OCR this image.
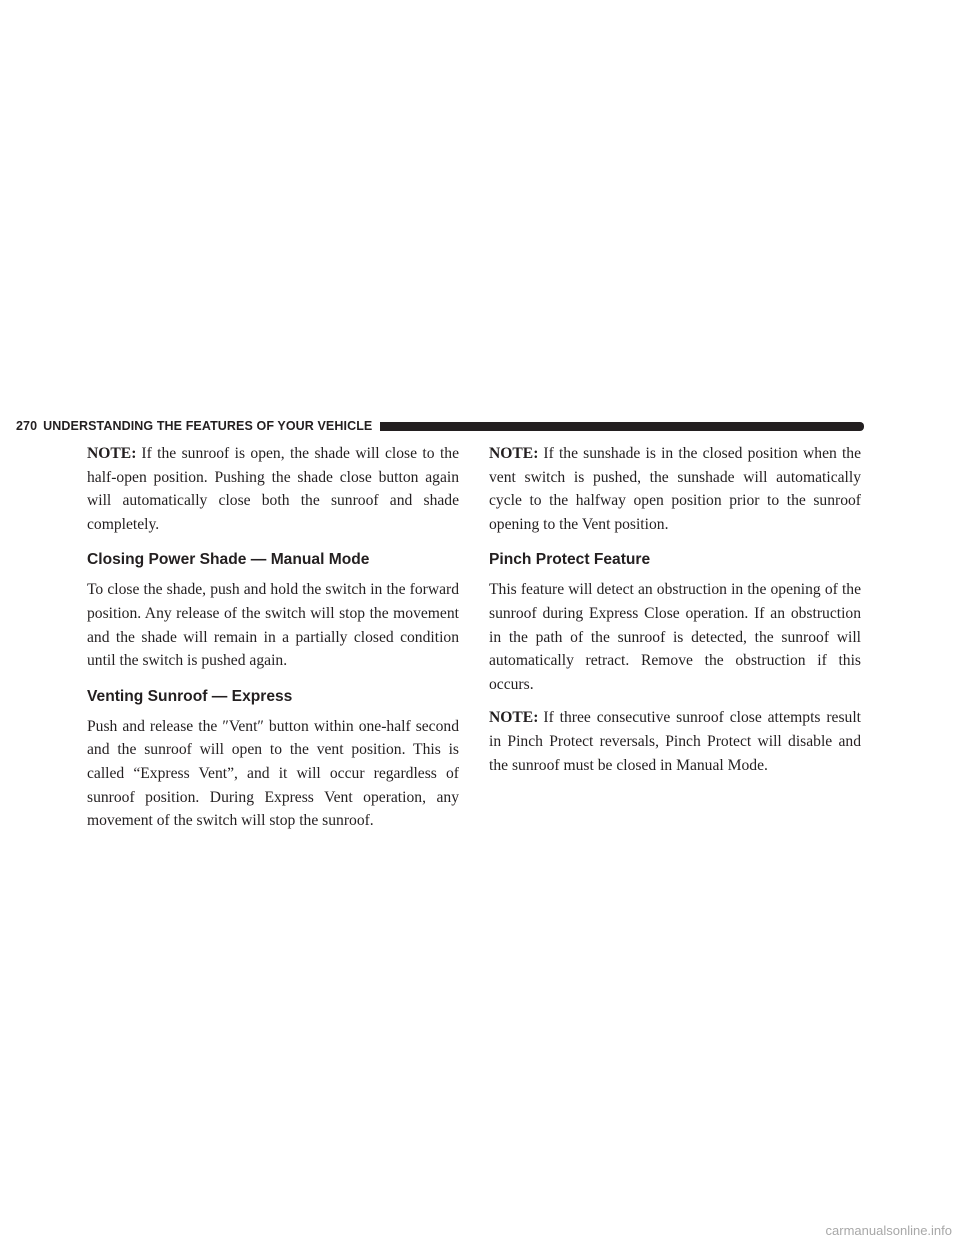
270 UNDERSTANDING THE FEATURES OF YOUR VEHICLE

NOTE: If the sunroof is open, the shade will close to the half-open position. Pushing the shade close button again will automatically close both the sunroof and shade completely.

Closing Power Shade — Manual Mode

To close the shade, push and hold the switch in the forward position. Any release of the switch will stop the movement and the shade will remain in a partially closed condition until the switch is pushed again.

Venting Sunroof — Express

Push and release the ″Vent″ button within one-half second and the sunroof will open to the vent position. This is called “Express Vent”, and it will occur regardless of sunroof position. During Express Vent operation, any movement of the switch will stop the sunroof.

NOTE: If the sunshade is in the closed position when the vent switch is pushed, the sunshade will automatically cycle to the halfway open position prior to the sunroof opening to the Vent position.

Pinch Protect Feature

This feature will detect an obstruction in the opening of the sunroof during Express Close operation. If an obstruction in the path of the sunroof is detected, the sunroof will automatically retract. Remove the obstruction if this occurs.

NOTE: If three consecutive sunroof close attempts result in Pinch Protect reversals, Pinch Protect will disable and the sunroof must be closed in Manual Mode.

carmanualsonline.info
